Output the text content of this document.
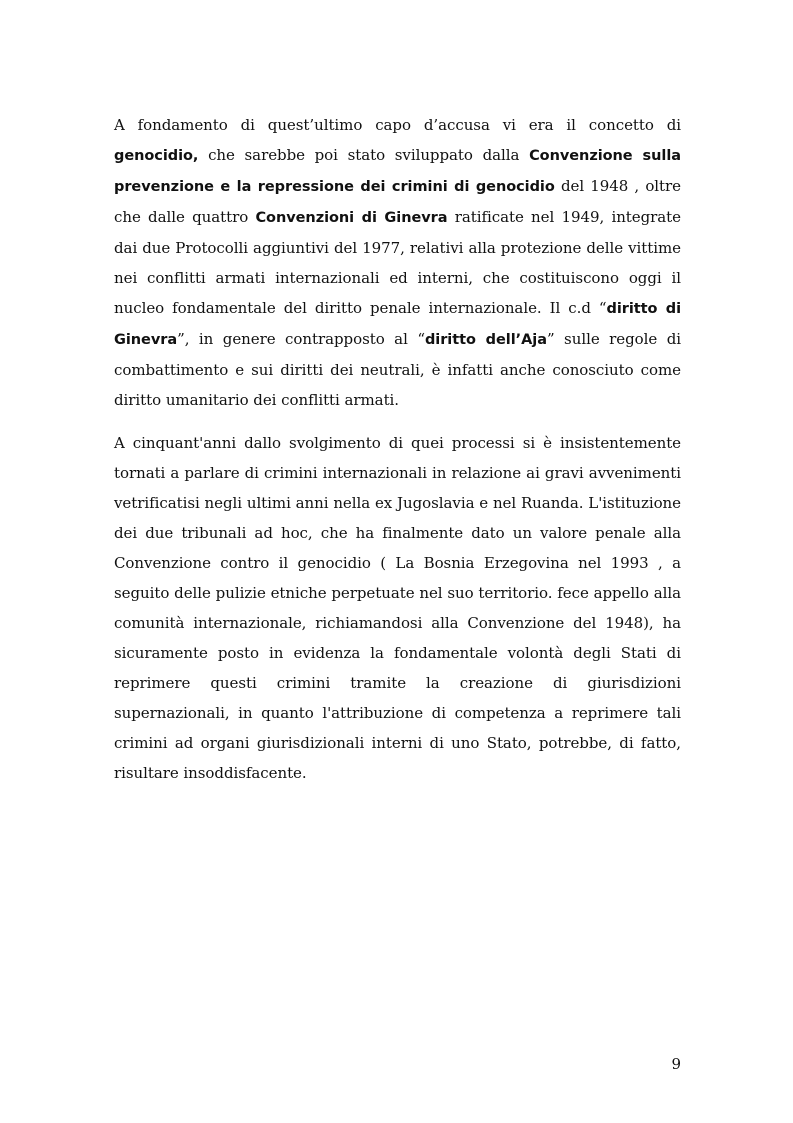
A fondamento di quest’ultimo capo d’accusa vi era il concetto di genocidio, che sarebbe poi stato sviluppato dalla Convenzione sulla prevenzione e la repressione dei crimini di genocidio del 1948 , oltre che dalle quattro Convenzioni di Ginevra ratificate nel 1949, integrate dai due Protocolli aggiuntivi del 1977, relativi alla protezione delle vittime nei conflitti armati internazionali ed interni, che costituiscono oggi il nucleo fondamentale del diritto penale internazionale. Il c.d “diritto di Ginevra”, in genere contrapposto al “diritto dell’Aja” sulle regole di combattimento e sui diritti dei neutrali, è infatti anche conosciuto come diritto umanitario dei conflitti armati.

A cinquant'anni dallo svolgimento di quei processi si è insistentemente tornati a parlare di crimini internazionali in relazione ai gravi avvenimenti vetrificatisi negli ultimi anni nella ex Jugoslavia e nel Ruanda. L'istituzione dei due tribunali ad hoc, che ha finalmente dato un valore penale alla Convenzione contro il genocidio ( La Bosnia Erzegovina nel 1993 , a seguito delle pulizie etniche perpetuate nel suo territorio. fece appello alla comunità internazionale, richiamandosi alla Convenzione del 1948), ha sicuramente posto in evidenza la fondamentale volontà degli Stati di reprimere questi crimini tramite la creazione di giurisdizioni supernazionali, in quanto l'attribuzione di competenza a reprimere tali crimini ad organi giurisdizionali interni di uno Stato, potrebbe, di fatto, risultare insoddisfacente.

9
